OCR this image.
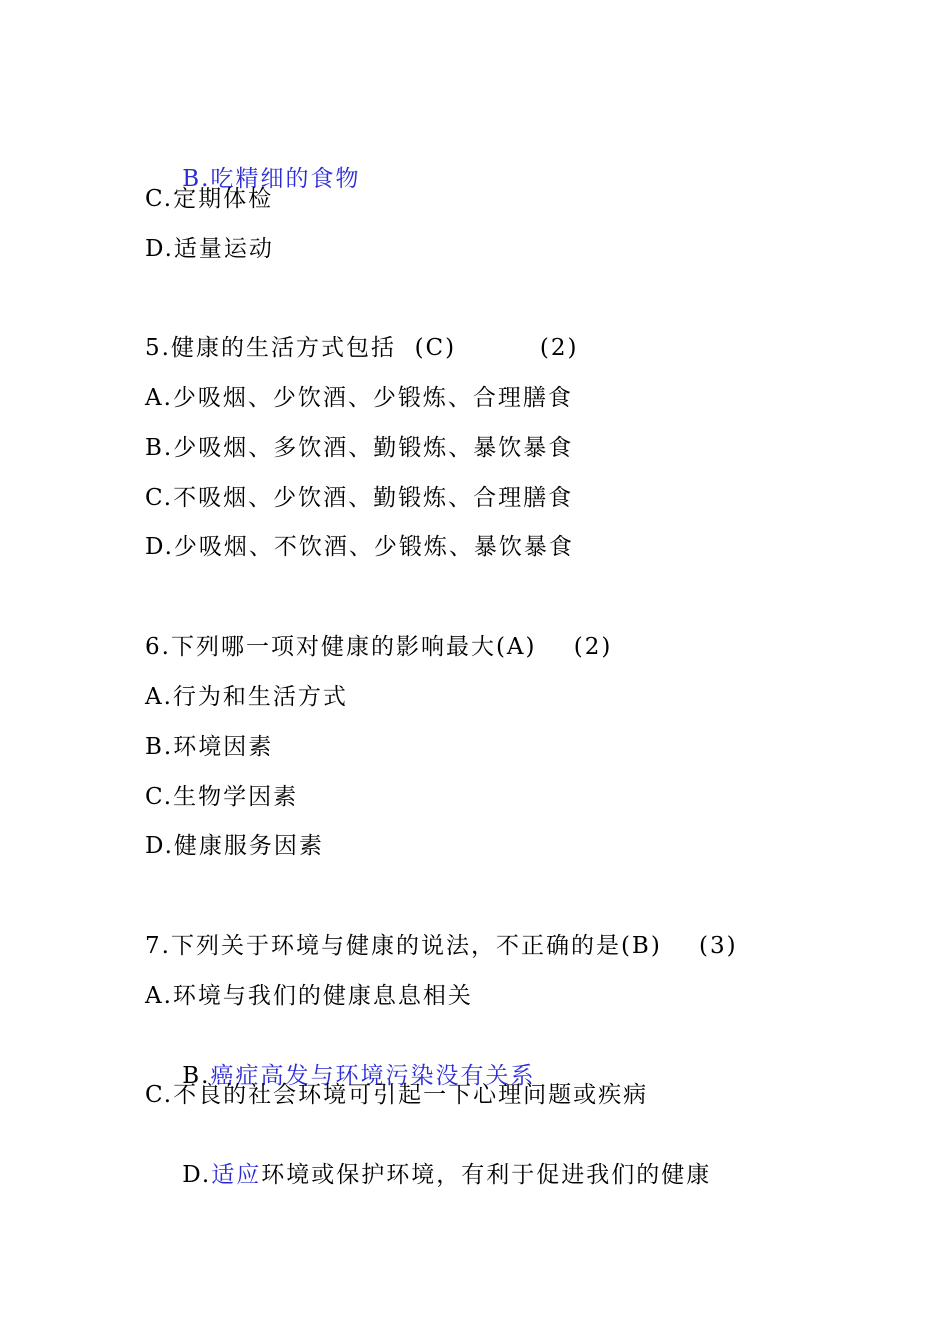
B.吃精细的食物

C.定期体检
D.适量运动
5.健康的生活方式包括  (C)         (2)
A.少吸烟、少饮酒、少锻炼、合理膳食
B.少吸烟、多饮酒、勤锻炼、暴饮暴食
C.不吸烟、少饮酒、勤锻炼、合理膳食
D.少吸烟、不饮酒、少锻炼、暴饮暴食
6.下列哪一项对健康的影响最大(A)    (2)
A.行为和生活方式
B.环境因素
C.生物学因素
D.健康服务因素
7.下列关于环境与健康的说法，不正确的是(B)    (3)
A.环境与我们的健康息息相关

B.癌症高发与环境污染没有关系

C.不良的社会环境可引起一下心理问题或疾病

D.适应环境或保护环境，有利于促进我们的健康
